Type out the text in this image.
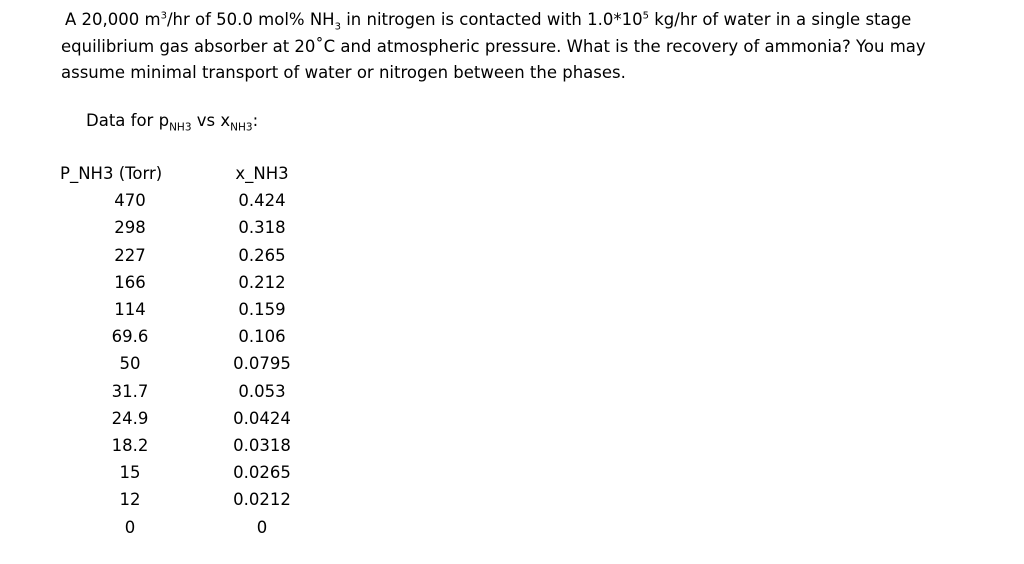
A 20,000 $m^3/hr$ of 50.0 mol% $NH_3$ in nitrogen is contacted with $1.0*10^5$ kg/hr of water in a single stage
equilibrium gas absorber at 20˚C and atmospheric pressure. What is the recovery of ammonia? You may
assume minimal transport of water or nitrogen between the phases.

Data for $p_{NH3}$ vs $x_{NH3}$:

P_NH3 (Torr)	x_NH3
470	0.424
298	0.318
227	0.265
166	0.212
114	0.159
69.6	0.106
50	0.0795
31.7	0.053
24.9	0.0424
18.2	0.0318
15	0.0265
12	0.0212
0	0
